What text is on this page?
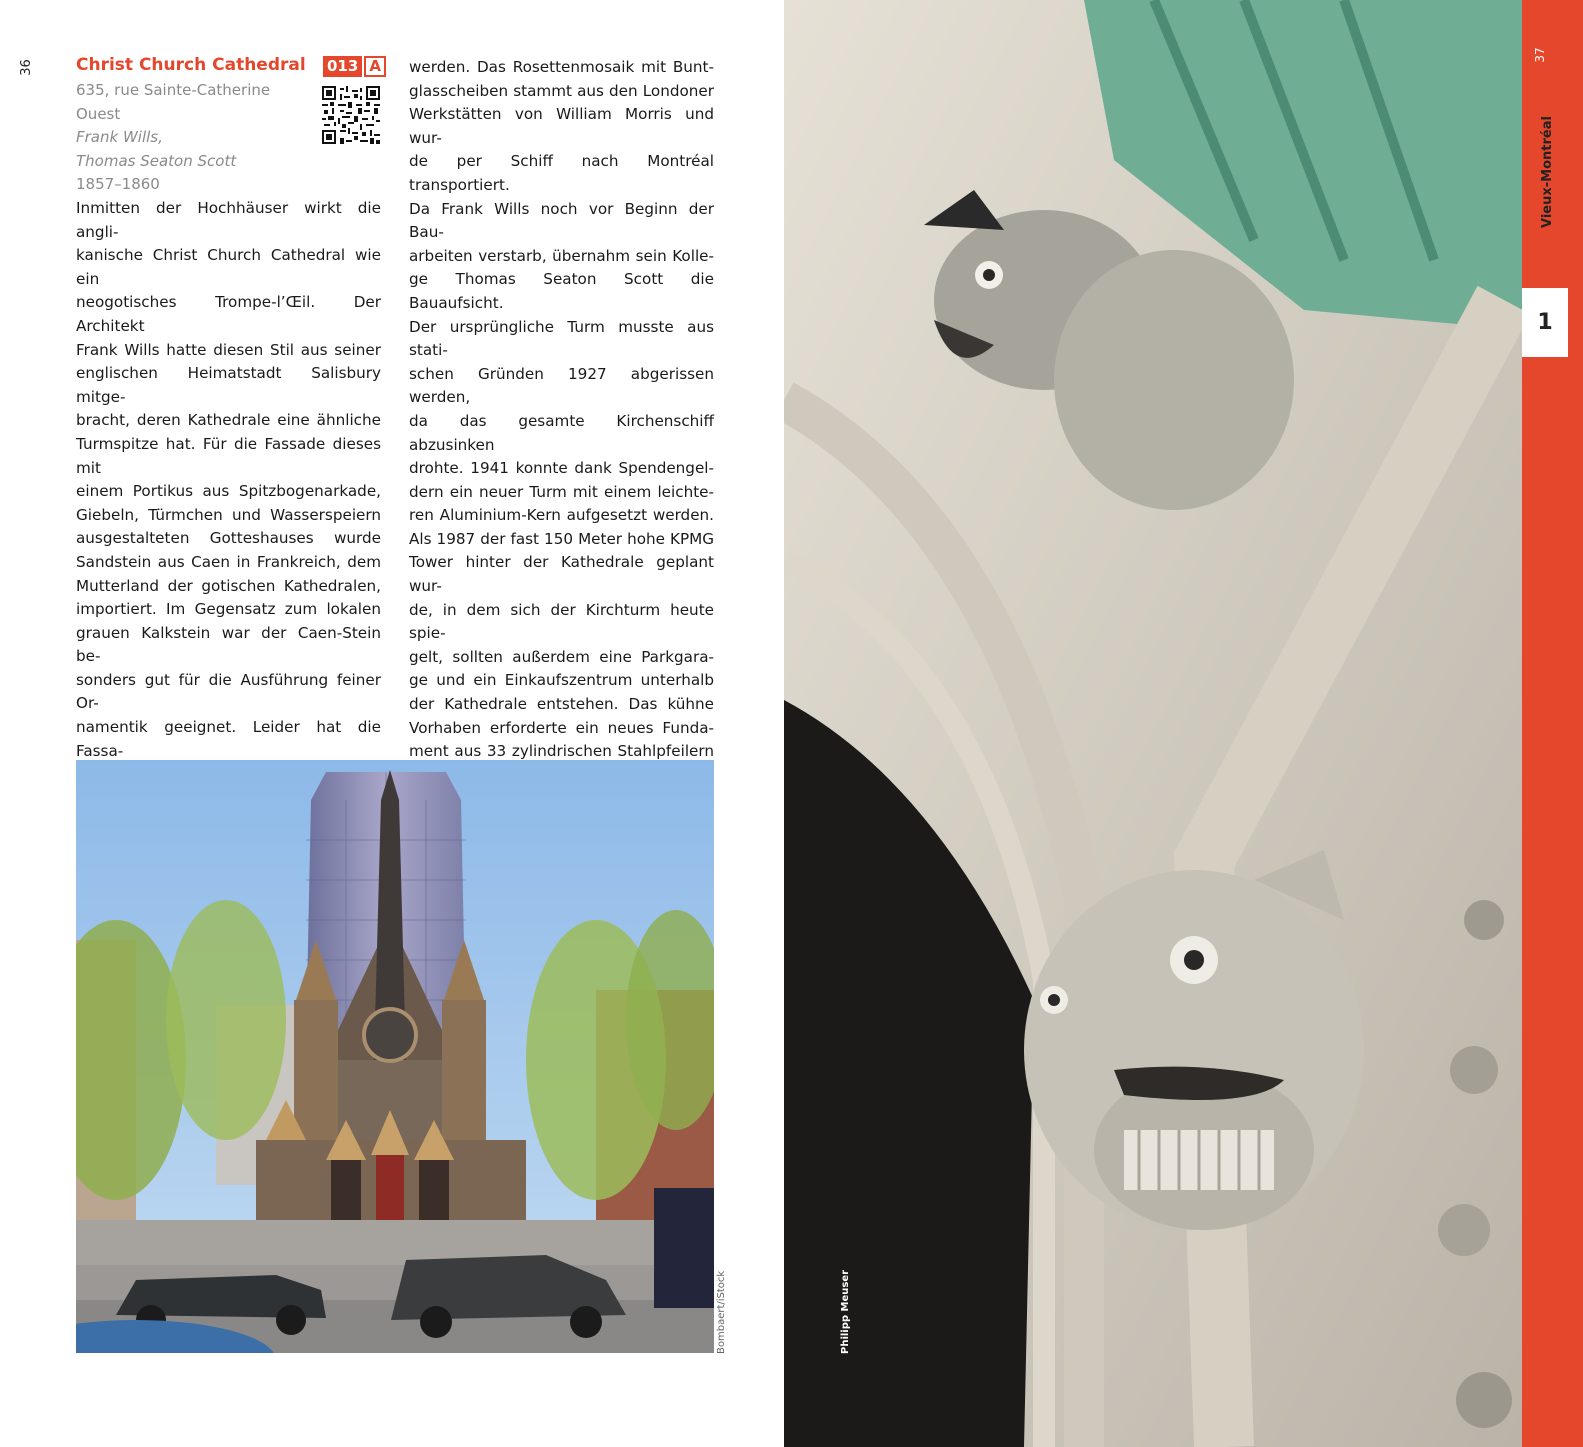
36 Christ Church Cathedral 013 A
635, rue Sainte-Catherine Ouest
Frank Wills,
Thomas Seaton Scott
1857–1860
Inmitten der Hochhäuser wirkt die angli-
kanische Christ Church Cathedral wie ein
neogotisches Trompe-l’Œil. Der Architekt
Frank Wills hatte diesen Stil aus seiner
englischen Heimatstadt Salisbury mitge-
bracht, deren Kathedrale eine ähnliche
Turmspitze hat. Für die Fassade dieses mit
einem Portikus aus Spitzbogenarkade,
Giebeln, Türmchen und Wasserspeiern
ausgestalteten Gotteshauses wurde
Sandstein aus Caen in Frankreich, dem
Mutterland der gotischen Kathedralen,
importiert. Im Gegensatz zum lokalen
grauen Kalkstein war der Caen-Stein be-
sonders gut für die Ausführung feiner Or-
namentik geeignet. Leider hat die Fassa-
werden. Das Rosettenmosaik mit Bunt-
glasscheiben stammt aus den Londoner
Werkstätten von William Morris und wur-
de per Schiff nach Montréal transportiert.
Da Frank Wills noch vor Beginn der Bau-
arbeiten verstarb, übernahm sein Kolle-
ge Thomas Seaton Scott die Bauaufsicht.
Der ursprüngliche Turm musste aus stati-
schen Gründen 1927 abgerissen werden,
da das gesamte Kirchenschiff abzusinken
drohte. 1941 konnte dank Spendengel-
dern ein neuer Turm mit einem leichte-
ren Aluminium-Kern aufgesetzt werden.
Als 1987 der fast 150 Meter hohe KPMG
Tower hinter der Kathedrale geplant wur-
de, in dem sich der Kirchturm heute spie-
gelt, sollten außerdem eine Parkgara-
ge und ein Einkaufszentrum unterhalb
der Kathedrale entstehen. Das kühne
Vorhaben erforderte ein neues Funda-
ment aus 33 zylindrischen Stahlpfeilern
Bombaert/iStock	Philipp Meuser
37
Vieux-Montréal
1
